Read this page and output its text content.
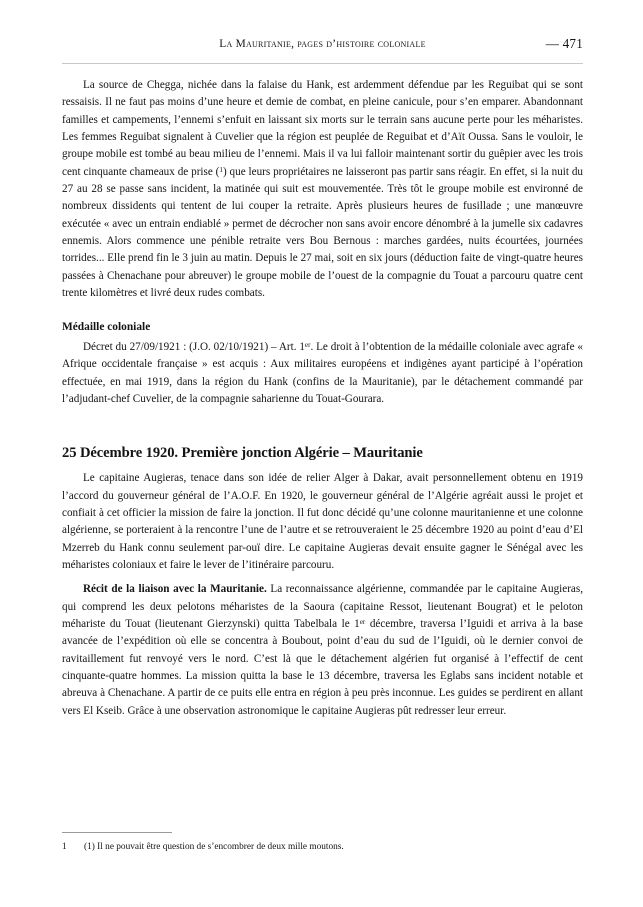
La Mauritanie, pages d’histoire coloniale	— 471

La source de Chegga, nichée dans la falaise du Hank, est ardemment défendue par les Reguibat qui se sont ressaisis. Il ne faut pas moins d’une heure et demie de combat, en pleine canicule, pour s’en emparer. Abandonnant familles et campements, l’ennemi s’enfuit en laissant six morts sur le terrain sans aucune perte pour les méharistes. Les femmes Reguibat signalent à Cuvelier que la région est peuplée de Reguibat et d’Aït Oussa. Sans le vouloir, le groupe mobile est tombé au beau milieu de l’ennemi. Mais il va lui falloir maintenant sortir du guêpier avec les trois cent cinquante chameaux de prise ($^1$) que leurs propriétaires ne laisseront pas partir sans réagir. En effet, si la nuit du 27 au 28 se passe sans incident, la matinée qui suit est mouvementée. Très tôt le groupe mobile est environné de nombreux dissidents qui tentent de lui couper la retraite. Après plusieurs heures de fusillade ; une manœuvre exécutée « avec un entrain endiablé » permet de décrocher non sans avoir encore dénombré à la jumelle six cadavres ennemis. Alors commence une pénible retraite vers Bou Bernous : marches gardées, nuits écourtées, journées torrides... Elle prend fin le 3 juin au matin. Depuis le 27 mai, soit en six jours (déduction faite de vingt-quatre heures passées à Chenachane pour abreuver) le groupe mobile de l’ouest de la compagnie du Touat a parcouru quatre cent trente kilomètres et livré deux rudes combats.

Médaille coloniale

Décret du 27/09/1921 : (J.O. 02/10/1921) – Art. 1er. Le droit à l’obtention de la médaille coloniale avec agrafe « Afrique occidentale française » est acquis : Aux militaires européens et indigènes ayant participé à l’opération effectuée, en mai 1919, dans la région du Hank (confins de la Mauritanie), par le détachement commandé par l’adjudant-chef Cuvelier, de la compagnie saharienne du Touat-Gourara.

25 Décembre 1920. Première jonction Algérie – Mauritanie

Le capitaine Augieras, tenace dans son idée de relier Alger à Dakar, avait personnellement obtenu en 1919 l’accord du gouverneur général de l’A.O.F. En 1920, le gouverneur général de l’Algérie agréait aussi le projet et confiait à cet officier la mission de faire la jonction. Il fut donc décidé qu’une colonne mauritanienne et une colonne algérienne, se porteraient à la rencontre l’une de l’autre et se retrouveraient le 25 décembre 1920 au point d’eau d’El Mzerreb du Hank connu seulement par-ouï dire. Le capitaine Augieras devait ensuite gagner le Sénégal avec les méharistes coloniaux et faire le lever de l’itinéraire parcouru.

Récit de la liaison avec la Mauritanie. La reconnaissance algérienne, commandée par le capitaine Augieras, qui comprend les deux pelotons méharistes de la Saoura (capitaine Ressot, lieutenant Bougrat) et le peloton méhariste du Touat (lieutenant Gierzynski) quitta Tabelbala le 1er décembre, traversa l’Iguidi et arriva à la base avancée de l’expédition où elle se concentra à Boubout, point d’eau du sud de l’Iguidi, où le dernier convoi de ravitaillement fut renvoyé vers le nord. C’est là que le détachement algérien fut organisé à l’effectif de cent cinquante-quatre hommes. La mission quitta la base le 13 décembre, traversa les Eglabs sans incident notable et abreuva à Chenachane. A partir de ce puits elle entra en région à peu près inconnue. Les guides se perdirent en allant vers El Kseib. Grâce à une observation astronomique le capitaine Augieras pût redresser leur erreur.

1	(1) Il ne pouvait être question de s’encombrer de deux mille moutons.
